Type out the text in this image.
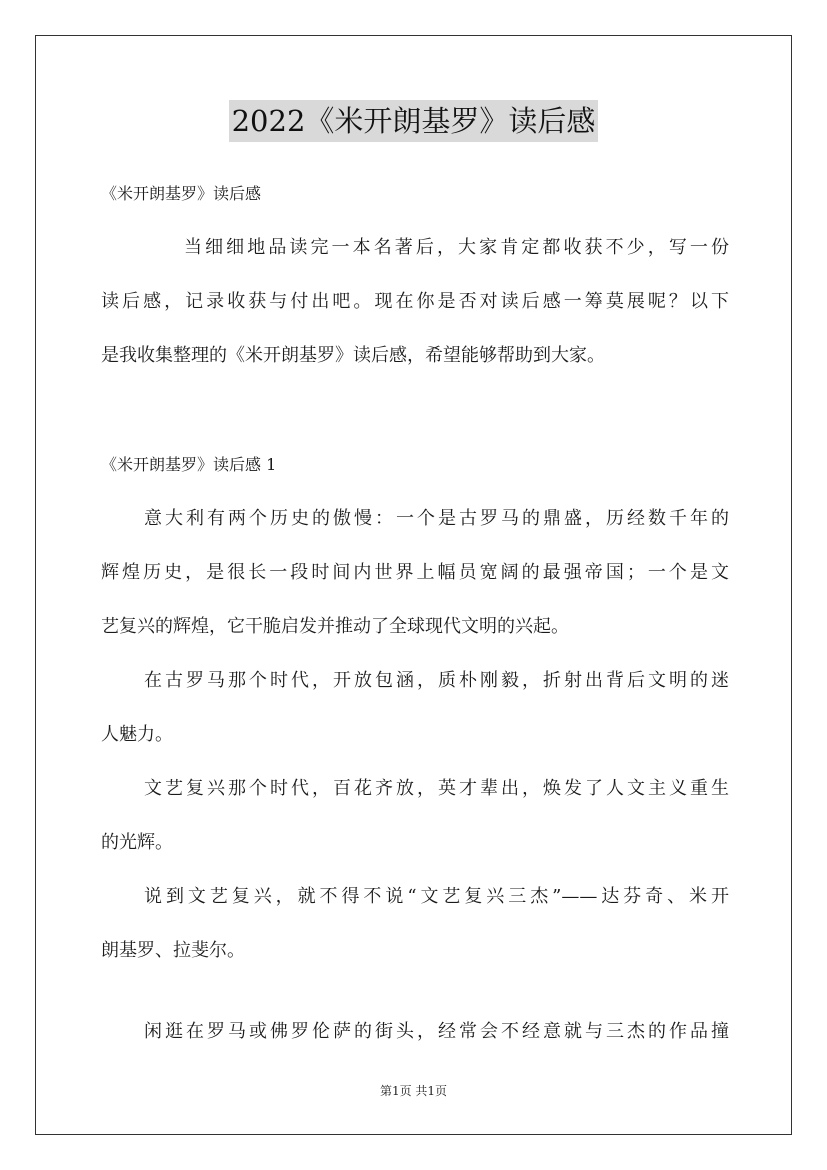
2022《米开朗基罗》读后感
《米开朗基罗》读后感
当细细地品读完一本名著后，大家肯定都收获不少，写一份
读后感，记录收获与付出吧。现在你是否对读后感一筹莫展呢？以下
是我收集整理的《米开朗基罗》读后感，希望能够帮助到大家。
《米开朗基罗》读后感 1
意大利有两个历史的傲慢：一个是古罗马的鼎盛，历经数千年的
辉煌历史，是很长一段时间内世界上幅员宽阔的最强帝国；一个是文
艺复兴的辉煌，它干脆启发并推动了全球现代文明的兴起。
在古罗马那个时代，开放包涵，质朴刚毅，折射出背后文明的迷
人魅力。
文艺复兴那个时代，百花齐放，英才辈出，焕发了人文主义重生
的光辉。
说到文艺复兴，就不得不说“文艺复兴三杰”——达芬奇、米开
朗基罗、拉斐尔。
闲逛在罗马或佛罗伦萨的街头，经常会不经意就与三杰的作品撞
第1页 共1页
